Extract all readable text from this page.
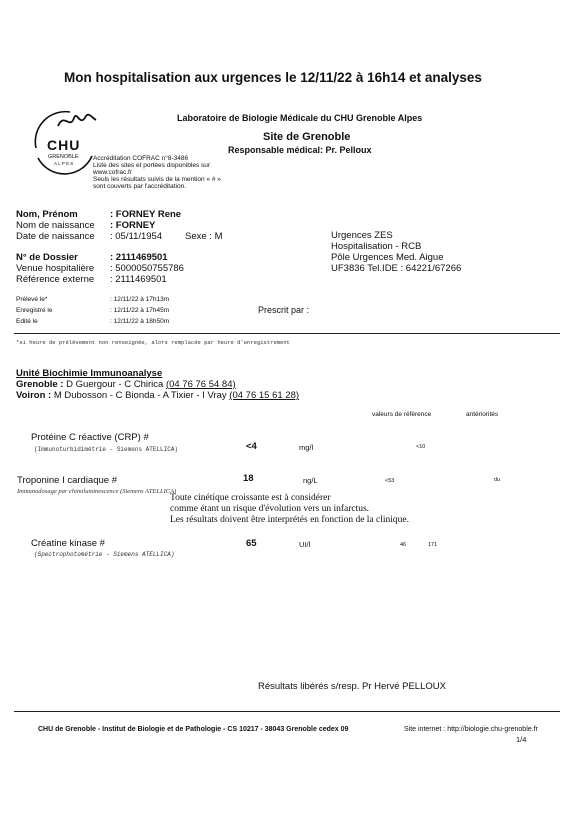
Mon hospitalisation aux urgences le 12/11/22 à 16h14 et analyses
CHU
GRENOBLE
ALPES
Laboratoire de Biologie Médicale du CHU Grenoble Alpes
Site de Grenoble
Responsable médical: Pr. Pelloux
Accréditation COFRAC n°8-3486
Liste des sites et portées disponibles sur
www.cofrac.fr
Seuls les résultats suivis de la mention « # »
sont couverts par l'accréditation.
Nom, Prénom	: FORNEY Rene
Nom de naissance : FORNEY
Date de naissance : 05/11/1954 Sexe : M
N° de Dossier	: 2111469501
Venue hospitalière : 5000050755786
Référence externe : 2111469501
Urgences ZES
Hospitalisation - RCB
Pôle Urgences Med. Aigue
UF3836 Tel.IDE : 64221/67266
Prélevé le*	: 12/11/22 à 17h13m
Enregistré le	: 12/11/22 à 17h45m
Edité le	: 12/11/22 à 18h50m
Prescrit par :
*si heure de prélèvement non renseignée, alors remplacée par heure d'enregistrement
Unité Biochimie Immunoanalyse
Grenoble : D Guergour - C Chirica (04 76 76 54 84)
Voiron : M Dubosson - C Bionda - A Tixier - I Vray (04 76 15 61 28)
valeurs de référence	antériorités
Protéine C réactive (CRP) #
(Immunoturbidimétrie - Siemens ATELLICA)	<4	mg/l	<10
Troponine I cardiaque #
Immunodosage par chimiluminescence (Siemens ATELLICA)
18	ng/L	<53	du
Toute cinétique croissante est à considérer
comme étant un risque d'évolution vers un infarctus.
Les résultats doivent être interprétés en fonction de la clinique.
Créatine kinase #
(Spectrophotométrie - Siemens ATELLICA)
65	UI/l	46	171
Résultats libérés s/resp. Pr Hervé PELLOUX
CHU de Grenoble - Institut de Biologie et de Pathologie - CS 10217 - 38043 Grenoble cedex 09	Site internet : http://biologie.chu-grenoble.fr
1/4
